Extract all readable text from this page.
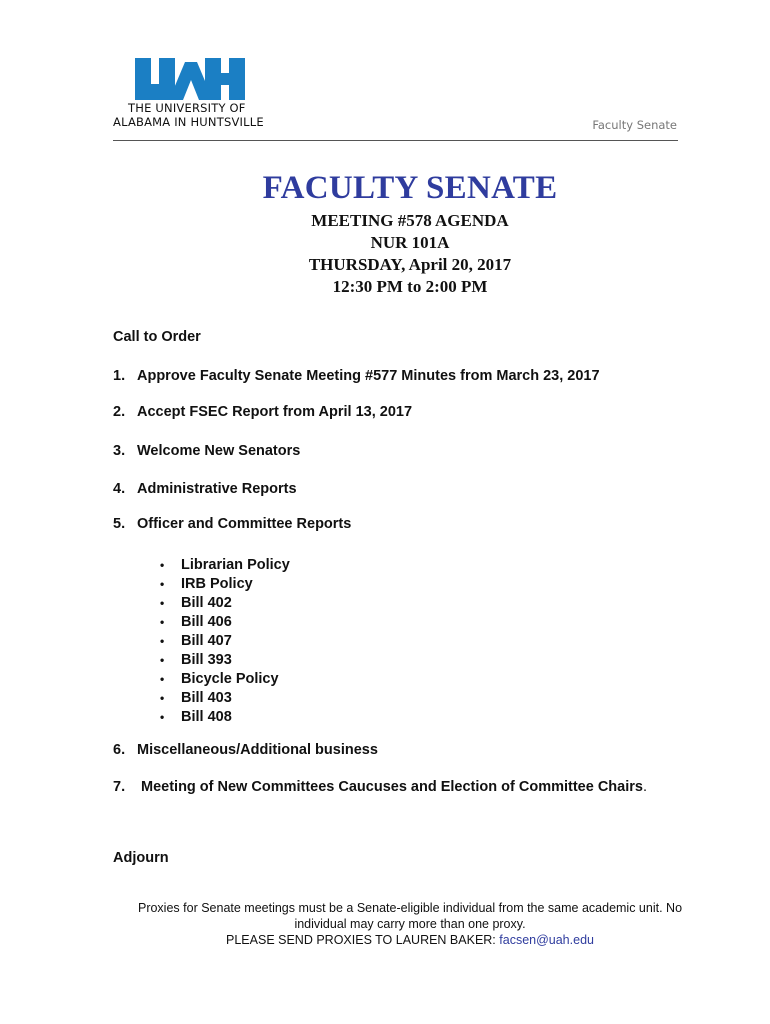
THE UNIVERSITY OF
ALABAMA IN HUNTSVILLE	Faculty Senate
FACULTY SENATE
MEETING #578 AGENDA
NUR 101A
THURSDAY, April 20, 2017
12:30 PM to 2:00 PM
Call to Order
1. Approve Faculty Senate Meeting #577 Minutes from March 23, 2017
2. Accept FSEC Report from April 13, 2017
3. Welcome New Senators
4. Administrative Reports
5. Officer and Committee Reports
• Librarian Policy
• IRB Policy
• Bill 402
• Bill 406
• Bill 407
• Bill 393
• Bicycle Policy
• Bill 403
• Bill 408
6. Miscellaneous/Additional business
7. Meeting of New Committees Caucuses and Election of Committee Chairs.
Adjourn
Proxies for Senate meetings must be a Senate-eligible individual from the same academic unit. No
individual may carry more than one proxy.
PLEASE SEND PROXIES TO LAUREN BAKER: facsen@uah.edu
